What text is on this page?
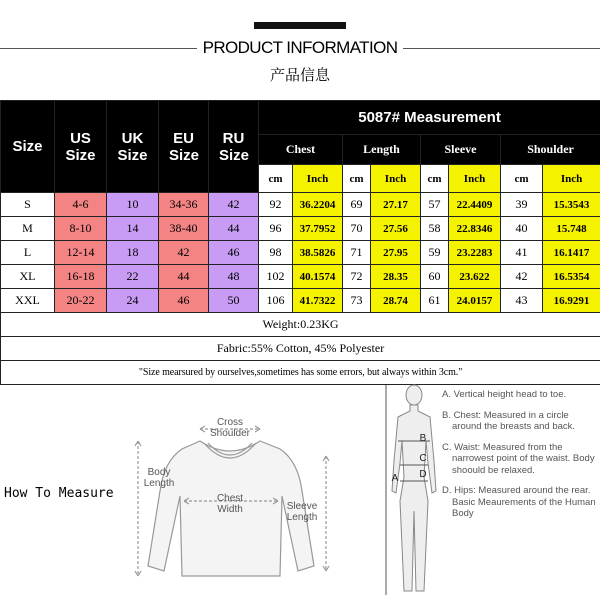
PRODUCT INFORMATION
产品信息
Size	US Size	UK Size	EU Size	RU Size	5087# Measurement							
					Chest		Length		Sleeve		Shoulder	
					cm	Inch	cm	Inch	cm	Inch	cm	Inch
S	4-6	10	34-36	42	92	36.2204	69	27.17	57	22.4409	39	15.3543
M	8-10	14	38-40	44	96	37.7952	70	27.56	58	22.8346	40	15.748
L	12-14	18	42	46	98	38.5826	71	27.95	59	23.2283	41	16.1417
XL	16-18	22	44	48	102	40.1574	72	28.35	60	23.622	42	16.5354
XXL	20-22	24	46	50	106	41.7322	73	28.74	61	24.0157	43	16.9291
Weight:0.23KG												
Fabric:55% Cotton, 45% Polyester												
"Size mearsured by ourselves,sometimes has some errors, but always within 3cm."												
How To Measure
Cross Shoulder
Body Length
Chest Width	Sleeve Length
A
B
C
D
A. Vertical height head to toe.
B. Chest: Measured in a circle around the breasts and back.
C. Waist: Measured from the narrowest point of the waist. Body shoould be relaxed.
D. Hips: Measured around the rear. Basic Meaurements of the Human Body
